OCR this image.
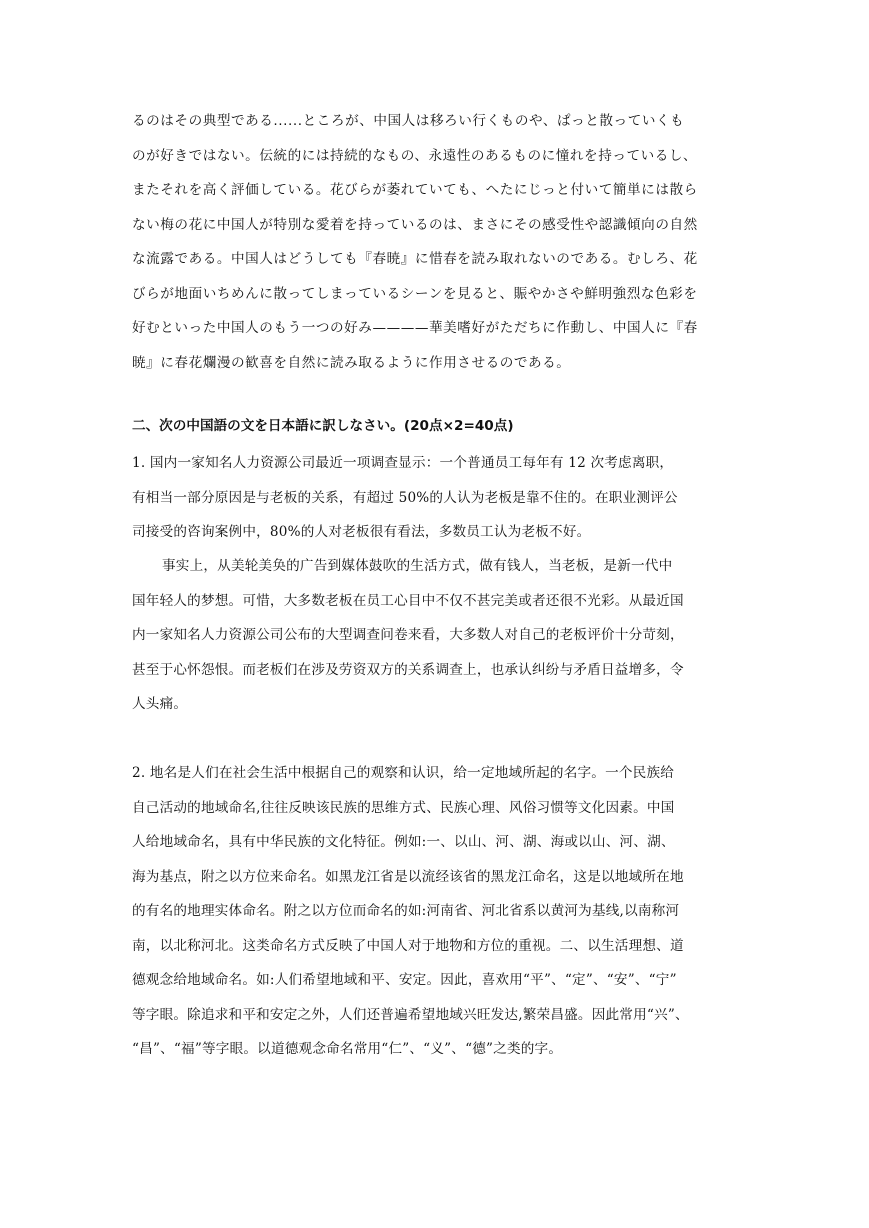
るのはその典型である......ところが、中国人は移ろい行くものや、ぱっと散っていくも
のが好きではない。伝統的には持続的なもの、永遠性のあるものに憧れを持っているし、
またそれを高く評価している。花びらが萎れていても、へたにじっと付いて簡単には散ら
ない梅の花に中国人が特別な愛着を持っているのは、まさにその感受性や認識傾向の自然
な流露である。中国人はどうしても『春暁』に惜春を読み取れないのである。むしろ、花
びらが地面いちめんに散ってしまっているシーンを見ると、賑やかさや鮮明強烈な色彩を
好むといった中国人のもう一つの好み————華美嗜好がただちに作動し、中国人に『春
暁』に春花爛漫の歓喜を自然に読み取るように作用させるのである。
二、次の中国語の文を日本語に訳しなさい。(20点×2=40点)
1. 国内一家知名人力资源公司最近一项调查显示：一个普通员工每年有 12 次考虑离职，
有相当一部分原因是与老板的关系，有超过 50%的人认为老板是靠不住的。在职业测评公
司接受的咨询案例中，80%的人对老板很有看法，多数员工认为老板不好。
事实上，从美轮美奂的广告到媒体鼓吹的生活方式，做有钱人，当老板，是新一代中
国年轻人的梦想。可惜，大多数老板在员工心目中不仅不甚完美或者还很不光彩。从最近国
内一家知名人力资源公司公布的大型调查问卷来看，大多数人对自己的老板评价十分苛刻，
甚至于心怀怨恨。而老板们在涉及劳资双方的关系调查上，也承认纠纷与矛盾日益增多，令
人头痛。
2. 地名是人们在社会生活中根据自己的观察和认识，给一定地域所起的名字。一个民族给
自己活动的地域命名,往往反映该民族的思维方式、民族心理、风俗习惯等文化因素。中国
人给地域命名，具有中华民族的文化特征。例如:一、以山、河、湖、海或以山、河、湖、
海为基点，附之以方位来命名。如黑龙江省是以流经该省的黑龙江命名，这是以地域所在地
的有名的地理实体命名。附之以方位而命名的如:河南省、河北省系以黄河为基线,以南称河
南，以北称河北。这类命名方式反映了中国人对于地物和方位的重视。二、以生活理想、道
德观念给地域命名。如:人们希望地域和平、安定。因此，喜欢用“平”、“定”、“安”、“宁”
等字眼。除追求和平和安定之外，人们还普遍希望地域兴旺发达,繁荣昌盛。因此常用“兴”、
“昌”、“福”等字眼。以道德观念命名常用“仁”、“义”、“德”之类的字。
